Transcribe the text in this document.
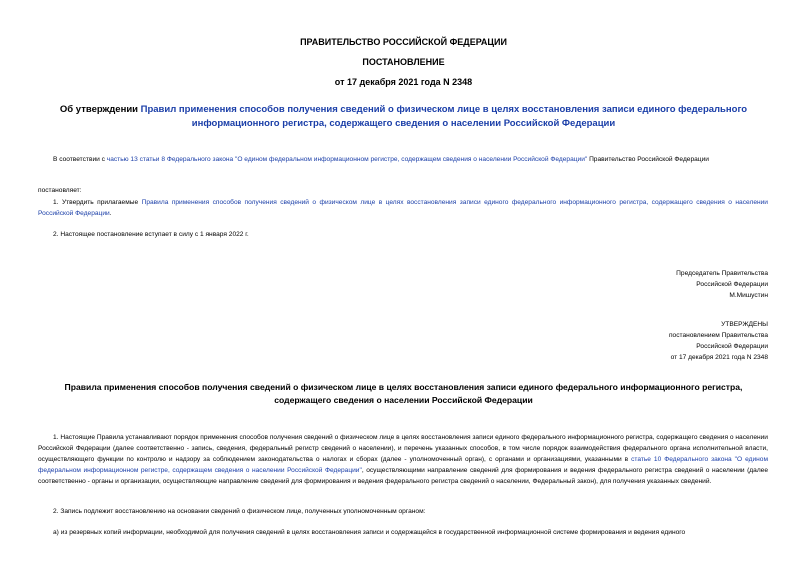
ПРАВИТЕЛЬСТВО РОССИЙСКОЙ ФЕДЕРАЦИИ
ПОСТАНОВЛЕНИЕ
от 17 декабря 2021 года N 2348
Об утверждении Правил применения способов получения сведений о физическом лице в целях восстановления записи единого федерального информационного регистра, содержащего сведения о населении Российской Федерации
В соответствии с частью 13 статьи 8 Федерального закона "О едином федеральном информационном регистре, содержащем сведения о населении Российской Федерации" Правительство Российской Федерации
постановляет:
1. Утвердить прилагаемые Правила применения способов получения сведений о физическом лице в целях восстановления записи единого федерального информационного регистра, содержащего сведения о населении Российской Федерации.
2. Настоящее постановление вступает в силу с 1 января 2022 г.
Председатель Правительства
Российской Федерации
М.Мишустин
УТВЕРЖДЕНЫ
постановлением Правительства
Российской Федерации
от 17 декабря 2021 года N 2348
Правила применения способов получения сведений о физическом лице в целях восстановления записи единого федерального информационного регистра, содержащего сведения о населении Российской Федерации
1. Настоящие Правила устанавливают порядок применения способов получения сведений о физическом лице в целях восстановления записи единого федерального информационного регистра, содержащего сведения о населении Российской Федерации (далее соответственно - запись, сведения, федеральный регистр сведений о населении), и перечень указанных способов, в том числе порядок взаимодействия федерального органа исполнительной власти, осуществляющего функции по контролю и надзору за соблюдением законодательства о налогах и сборах (далее - уполномоченный орган), с органами и организациями, указанными в статье 10 Федерального закона "О едином федеральном информационном регистре, содержащем сведения о населении Российской Федерации", осуществляющими направление сведений для формирования и ведения федерального регистра сведений о населении (далее соответственно - органы и организации, осуществляющие направление сведений для формирования и ведения федерального регистра сведений о населении, Федеральный закон), для получения указанных сведений.
2. Запись подлежит восстановлению на основании сведений о физическом лице, полученных уполномоченным органом:
а) из резервных копий информации, необходимой для получения сведений в целях восстановления записи и содержащейся в государственной информационной системе формирования и ведения единого
